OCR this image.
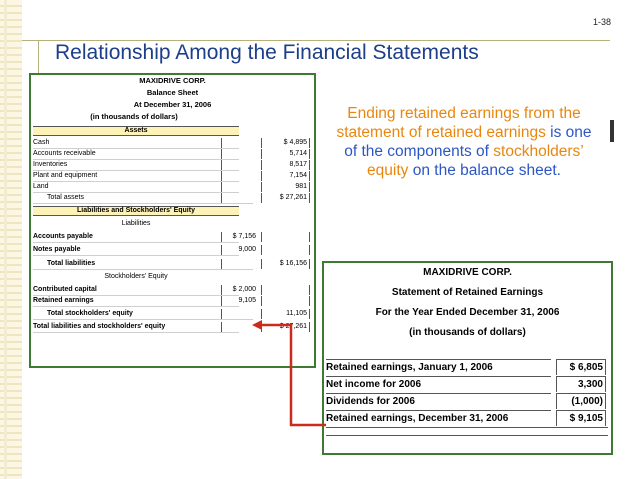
1-38
Relationship Among the Financial Statements
MAXIDRIVE CORP.
Balance Sheet
At December 31, 2006
(in thousands of dollars)
Assets
Cash	$ 4,895
Accounts receivable	5,714
Inventories	8,517
Plant and equipment	7,154
Land	981
Total assets	$ 27,261
Liabilities and Stockholders' Equity
Liabilities
Accounts payable	$ 7,156
Notes payable	9,000
Total liabilities	$ 16,156
Stockholders' Equity
Contributed capital	$ 2,000
Retained earnings	9,105
Total stockholders' equity	11,105
Total liabilities and stockholders' equity	$ 27,261
Ending retained earnings from the statement of retained earnings is one of the components of stockholders’ equity on the balance sheet.
MAXIDRIVE CORP.
Statement of Retained Earnings
For the Year Ended December 31, 2006
(in thousands of dollars)
Retained earnings, January 1, 2006	$ 6,805
Net income for 2006	3,300
Dividends for 2006	(1,000)
Retained earnings, December 31, 2006	$ 9,105
